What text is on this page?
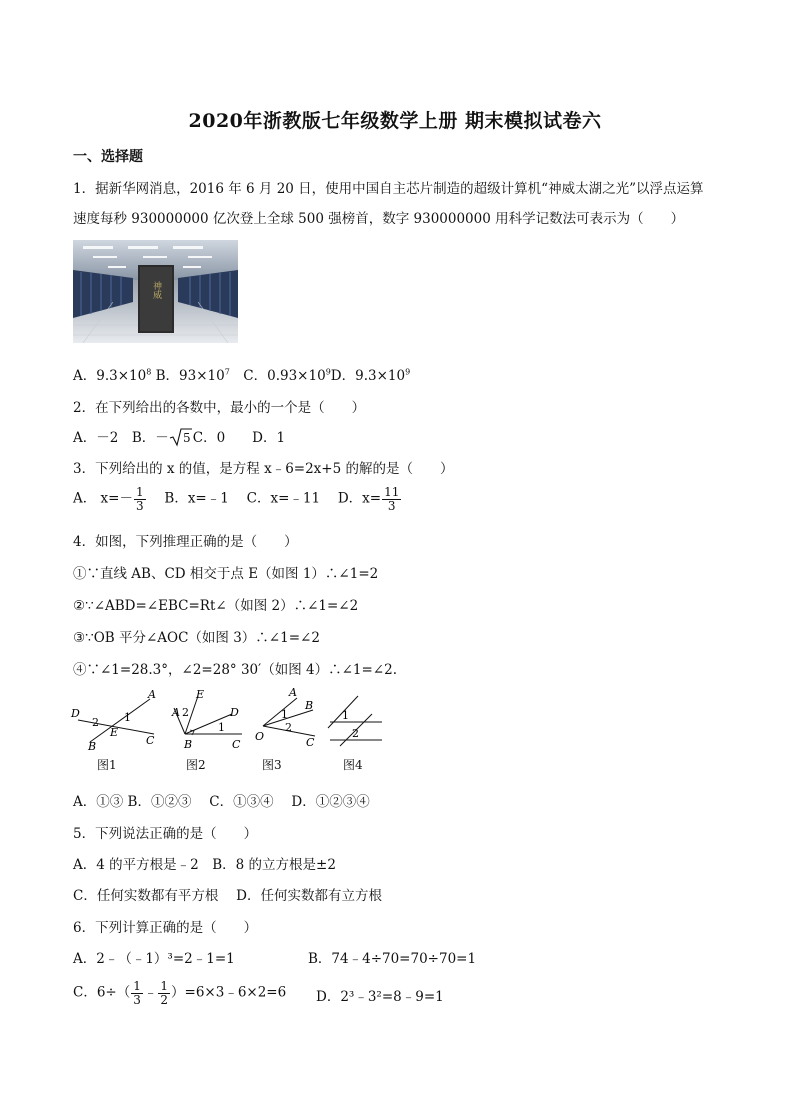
2020年浙教版七年级数学上册 期末模拟试卷六
一、选择题
1．据新华网消息，2016 年 6 月 20 日，使用中国自主芯片制造的超级计算机“神威太湖之光”以浮点运算
速度每秒 930000000 亿次登上全球 500 强榜首，数字 930000000 用科学记数法可表示为（　　）
神威
A．$9.3\times 10^8$ B．$93\times 10^7$　C．$0.93\times 10^9D$．$9.3\times 10^9$
2．在下列给出的各数中，最小的一个是（　　）
A．－2　B．－ 5 C．0　　D．1
3．下列给出的 x 的值，是方程 x﹣6=2x+5 的解的是（　　）
A． $x=- \frac{1}{3}$ 　 B．x=﹣1　 C．x=﹣11　 D．$x= \frac{11}{3}$
4．如图，下列推理正确的是（　　）
①∵直线 AB、CD 相交于点 E（如图 1）∴∠1=2
②∵∠ABD=∠EBC=Rt∠（如图 2）∴∠1=∠2
③∵OB 平分∠AOC（如图 3）∴∠1=∠2
④∵∠1=28.3°，∠2=28° 30′（如图 4）∴∠1=∠2.
A
D
E
B	C
2 1
E
A	D
B	C
2
1
A
B
O	C
1
2
1
2
图1	图2	图3	图4
A．①③ B．①②③　 C．①③④　 D．①②③④
5．下列说法正确的是（　　）
A．4 的平方根是﹣2　B．8 的立方根是±2
C．任何实数都有平方根　 D．任何实数都有立方根
6．下列计算正确的是（　　）
A．2﹣（﹣1）³=2﹣1=1	B．74﹣4÷70=70÷70=1
C．$6\div( \frac{1}{3}$ ﹣ $\frac{1}{2}$ ）=6×3﹣6×2=6 D．2³﹣3²=8﹣9=1
